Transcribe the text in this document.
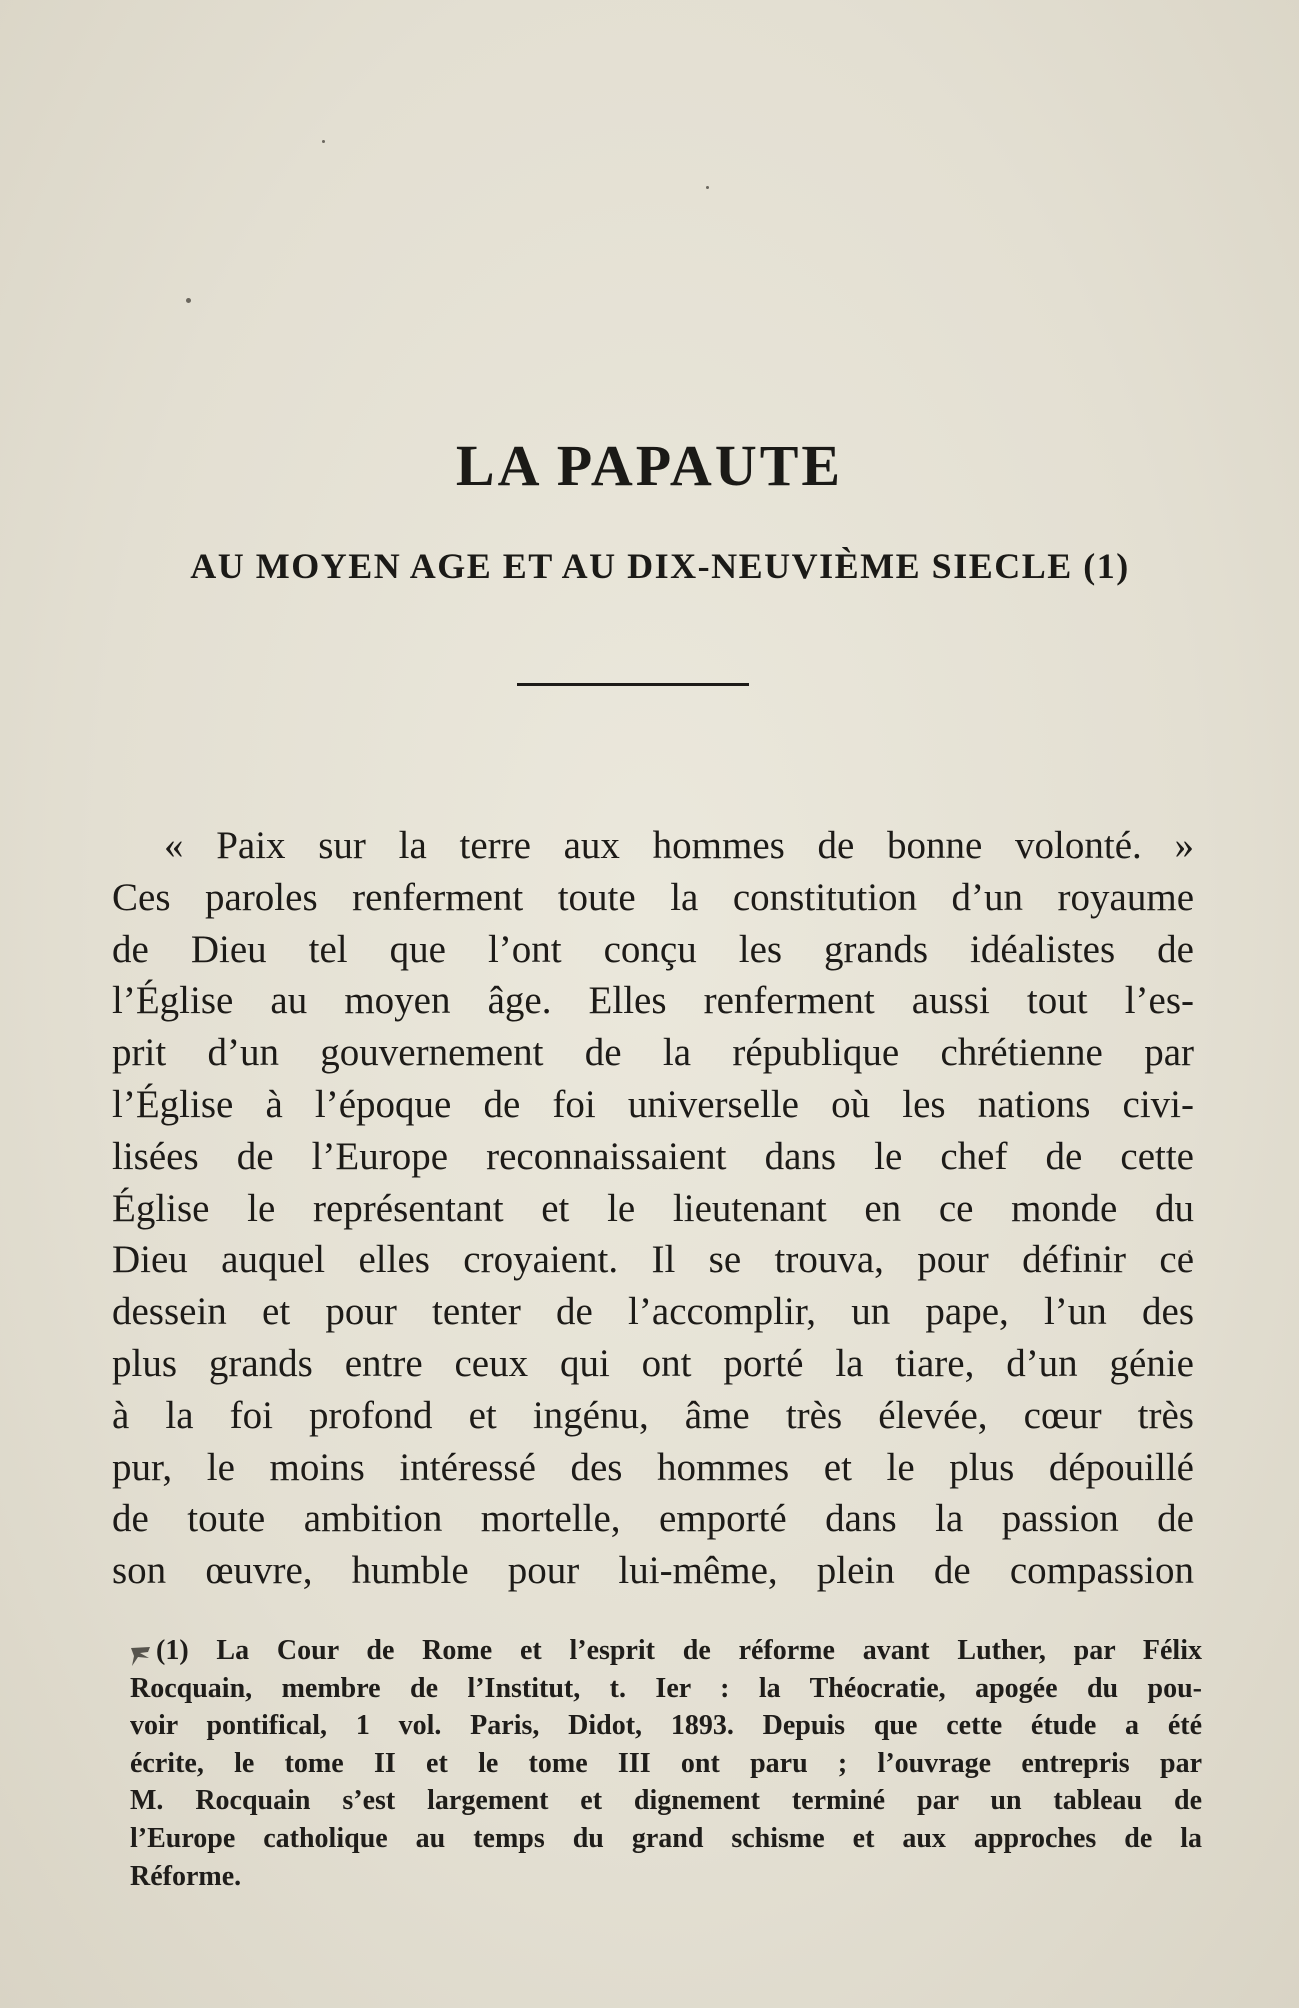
LA PAPAUTE
AU MOYEN AGE ET AU DIX-NEUVIÈME SIECLE (1)
« Paix sur la terre aux hommes de bonne volonté. »
Ces paroles renferment toute la constitution d’un royaume
de Dieu tel que l’ont conçu les grands idéalistes de
l’Église au moyen âge. Elles renferment aussi tout l’es-
prit d’un gouvernement de la république chrétienne par
l’Église à l’époque de foi universelle où les nations civi-
lisées de l’Europe reconnaissaient dans le chef de cette
Église le représentant et le lieutenant en ce monde du
Dieu auquel elles croyaient. Il se trouva, pour définir ce
dessein et pour tenter de l’accomplir, un pape, l’un des
plus grands entre ceux qui ont porté la tiare, d’un génie
à la foi profond et ingénu, âme très élevée, cœur très
pur, le moins intéressé des hommes et le plus dépouillé
de toute ambition mortelle, emporté dans la passion de
son œuvre, humble pour lui-même, plein de compassion
(1) La Cour de Rome et l’esprit de réforme avant Luther, par Félix
Rocquain, membre de l’Institut, t. Ier : la Théocratie, apogée du pou-
voir pontifical, 1 vol. Paris, Didot, 1893. Depuis que cette étude a été
écrite, le tome II et le tome III ont paru ; l’ouvrage entrepris par
M. Rocquain s’est largement et dignement terminé par un tableau de
l’Europe catholique au temps du grand schisme et aux approches de la
Réforme.
